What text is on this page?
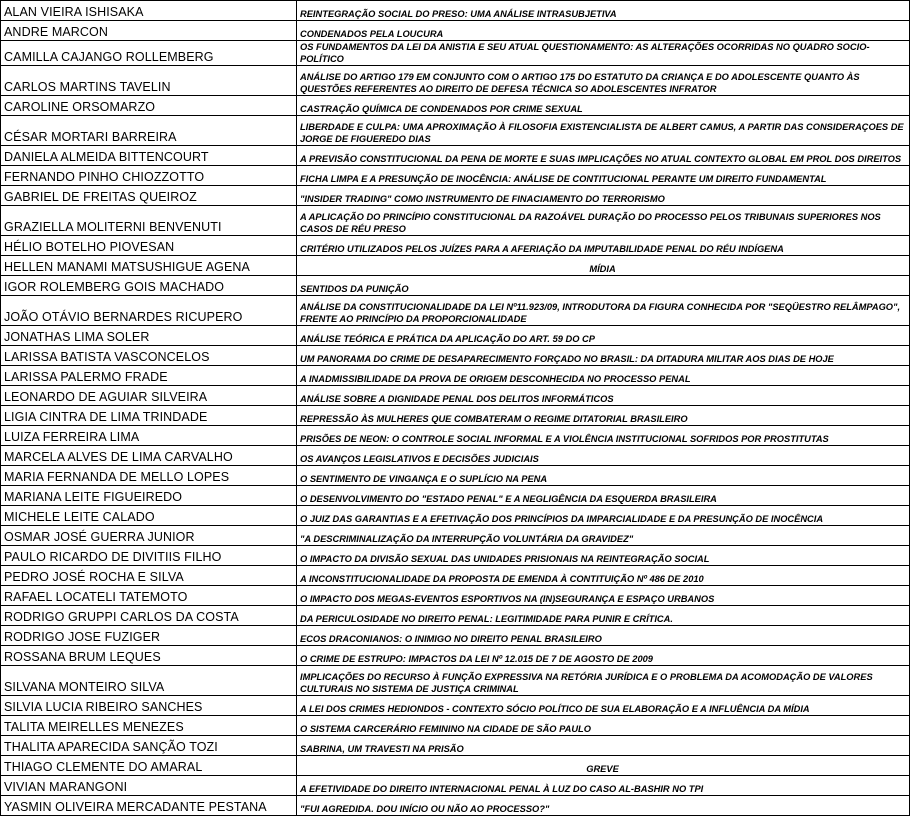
ALAN VIEIRA ISHISAKA	REINTEGRAÇÃO SOCIAL DO PRESO: UMA ANÁLISE INTRASUBJETIVA
ANDRE MARCON	CONDENADOS PELA LOUCURA
CAMILLA CAJANGO ROLLEMBERG	OS FUNDAMENTOS DA LEI DA ANISTIA E SEU ATUAL QUESTIONAMENTO: AS ALTERAÇÕES OCORRIDAS NO QUADRO SOCIO-POLÍTICO
CARLOS MARTINS TAVELIN	ANÁLISE DO ARTIGO 179 EM CONJUNTO COM O ARTIGO 175 DO ESTATUTO DA CRIANÇA E DO ADOLESCENTE QUANTO ÀS QUESTÕES REFERENTES AO DIREITO DE DEFESA TÉCNICA SO ADOLESCENTES INFRATOR
CAROLINE ORSOMARZO	CASTRAÇÃO QUÍMICA DE CONDENADOS POR CRIME SEXUAL
CÉSAR MORTARI BARREIRA	LIBERDADE E CULPA: UMA APROXIMAÇÃO À FILOSOFIA EXISTENCIALISTA DE ALBERT CAMUS, A PARTIR DAS CONSIDERAÇOES DE JORGE DE FIGUEREDO DIAS
DANIELA ALMEIDA BITTENCOURT	A PREVISÃO CONSTITUCIONAL DA PENA DE MORTE E SUAS IMPLICAÇÕES NO ATUAL CONTEXTO GLOBAL EM PROL DOS DIREITOS
FERNANDO PINHO CHIOZZOTTO	FICHA LIMPA E A PRESUNÇÃO DE INOCÊNCIA: ANÁLISE DE CONTITUCIONAL PERANTE UM DIREITO FUNDAMENTAL
GABRIEL DE FREITAS QUEIROZ	"INSIDER TRADING" COMO INSTRUMENTO DE FINACIAMENTO DO TERRORISMO
GRAZIELLA MOLITERNI BENVENUTI	A APLICAÇÃO DO PRINCÍPIO CONSTITUCIONAL DA RAZOÁVEL DURAÇÃO DO PROCESSO PELOS TRIBUNAIS SUPERIORES NOS CASOS DE RÉU PRESO
HÉLIO BOTELHO PIOVESAN	CRITÉRIO UTILIZADOS PELOS JUÍZES PARA A AFERIAÇÃO DA IMPUTABILIDADE PENAL DO RÉU INDÍGENA
HELLEN MANAMI MATSUSHIGUE AGENA	MÍDIA
IGOR ROLEMBERG GOIS MACHADO	SENTIDOS DA PUNIÇÃO
JOÃO OTÁVIO BERNARDES RICUPERO	ANÁLISE DA CONSTITUCIONALIDADE DA LEI Nº11.923/09, INTRODUTORA DA FIGURA CONHECIDA POR "SEQÜESTRO RELÂMPAGO", FRENTE AO PRINCÍPIO DA PROPORCIONALIDADE
JONATHAS LIMA SOLER	ANÁLISE TEÓRICA E PRÁTICA DA APLICAÇÃO DO ART. 59 DO CP
LARISSA BATISTA VASCONCELOS	UM PANORAMA DO CRIME DE DESAPARECIMENTO FORÇADO NO BRASIL: DA DITADURA MILITAR AOS DIAS DE HOJE
LARISSA PALERMO FRADE	A INADMISSIBILIDADE DA PROVA DE ORIGEM DESCONHECIDA NO PROCESSO PENAL
LEONARDO DE AGUIAR SILVEIRA	ANÁLISE SOBRE A DIGNIDADE PENAL DOS DELITOS INFORMÁTICOS
LIGIA CINTRA DE LIMA TRINDADE	REPRESSÃO ÀS MULHERES QUE COMBATERAM O REGIME DITATORIAL BRASILEIRO
LUIZA FERREIRA LIMA	PRISÕES DE NEON: O CONTROLE SOCIAL INFORMAL E A VIOLÊNCIA INSTITUCIONAL SOFRIDOS POR PROSTITUTAS
MARCELA ALVES DE LIMA CARVALHO	OS AVANÇOS LEGISLATIVOS E DECISÕES JUDICIAIS
MARIA FERNANDA DE MELLO LOPES	O SENTIMENTO DE VINGANÇA E O SUPLÍCIO NA PENA
MARIANA LEITE FIGUEIREDO	O DESENVOLVIMENTO DO "ESTADO PENAL" E A NEGLIGÊNCIA DA ESQUERDA BRASILEIRA
MICHELE LEITE CALADO	O JUIZ DAS GARANTIAS E A EFETIVAÇÃO DOS PRINCÍPIOS DA IMPARCIALIDADE E DA PRESUNÇÃO DE INOCÊNCIA
OSMAR JOSÉ GUERRA JUNIOR	"A DESCRIMINALIZAÇÃO DA INTERRUPÇÃO VOLUNTÁRIA DA GRAVIDEZ"
PAULO RICARDO DE DIVITIIS FILHO	O IMPACTO DA DIVISÃO SEXUAL DAS UNIDADES PRISIONAIS NA REINTEGRAÇÃO SOCIAL
PEDRO JOSÉ ROCHA E SILVA	A INCONSTITUCIONALIDADE DA PROPOSTA DE EMENDA À CONTITUIÇÃO Nº 486 DE 2010
RAFAEL LOCATELI TATEMOTO	O IMPACTO DOS MEGAS-EVENTOS ESPORTIVOS NA (IN)SEGURANÇA E ESPAÇO URBANOS
RODRIGO GRUPPI CARLOS DA COSTA	DA PERICULOSIDADE NO DIREITO PENAL: LEGITIMIDADE PARA PUNIR E CRÍTICA.
RODRIGO JOSE FUZIGER	ECOS DRACONIANOS: O INIMIGO NO DIREITO PENAL BRASILEIRO
ROSSANA BRUM LEQUES	O CRIME DE ESTRUPO: IMPACTOS DA LEI Nº 12.015 DE 7 DE AGOSTO DE 2009
SILVANA MONTEIRO SILVA	IMPLICAÇÕES DO RECURSO À FUNÇÃO EXPRESSIVA NA RETÓRIA JURÍDICA E O PROBLEMA DA ACOMODAÇÃO DE VALORES CULTURAIS NO SISTEMA DE JUSTIÇA CRIMINAL
SILVIA LUCIA RIBEIRO SANCHES	A LEI DOS CRIMES HEDIONDOS - CONTEXTO SÓCIO POLÍTICO DE SUA ELABORAÇÃO E A INFLUÊNCIA DA MÍDIA
TALITA MEIRELLES MENEZES	O SISTEMA CARCERÁRIO FEMININO NA CIDADE DE SÃO PAULO
THALITA APARECIDA SANÇÃO TOZI	SABRINA, UM TRAVESTI NA PRISÃO
THIAGO CLEMENTE DO AMARAL	GREVE
VIVIAN MARANGONI	A EFETIVIDADE DO DIREITO INTERNACIONAL PENAL À LUZ DO CASO AL-BASHIR NO TPI
YASMIN OLIVEIRA MERCADANTE PESTANA	"FUI AGREDIDA. DOU INÍCIO OU NÃO AO PROCESSO?"
